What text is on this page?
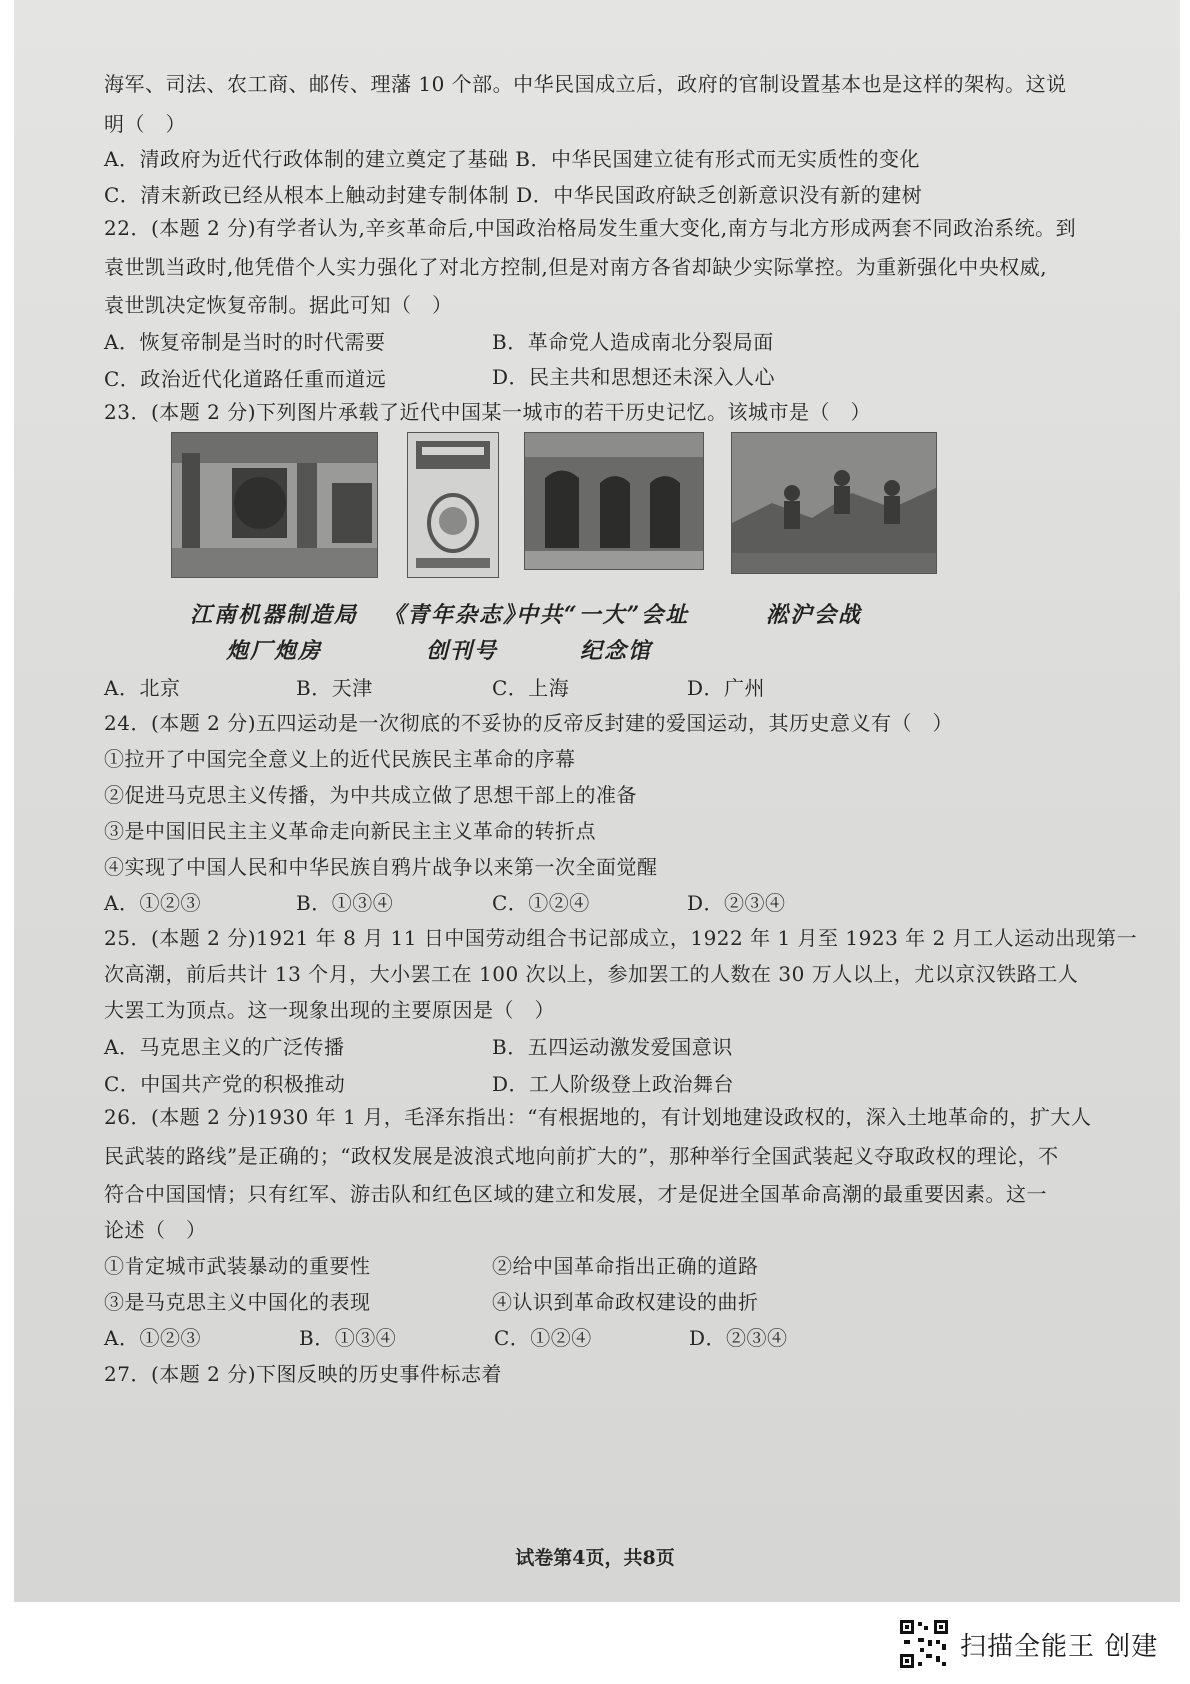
海军、司法、农工商、邮传、理藩 10 个部。中华民国成立后，政府的官制设置基本也是这样的架构。这说
明（　）
A．清政府为近代行政体制的建立奠定了基础 B．中华民国建立徒有形式而无实质性的变化
C．清末新政已经从根本上触动封建专制体制 D．中华民国政府缺乏创新意识没有新的建树
22．(本题 2 分)有学者认为,辛亥革命后,中国政治格局发生重大变化,南方与北方形成两套不同政治系统。到
袁世凯当政时,他凭借个人实力强化了对北方控制,但是对南方各省却缺少实际掌控。为重新强化中央权威,
袁世凯决定恢复帝制。据此可知（　）
A．恢复帝制是当时的时代需要	B．革命党人造成南北分裂局面
C．政治近代化道路任重而道远	D．民主共和思想还未深入人心
23．(本题 2 分)下列图片承载了近代中国某一城市的若干历史记忆。该城市是（　）
江南机器制造局
炮厂炮房
《青年杂志》
创刊号
中共“一大”会址
纪念馆
淞沪会战
A．北京	B．天津	C．上海	D．广州
24．(本题 2 分)五四运动是一次彻底的不妥协的反帝反封建的爱国运动，其历史意义有（　）
①拉开了中国完全意义上的近代民族民主革命的序幕
②促进马克思主义传播，为中共成立做了思想干部上的准备
③是中国旧民主主义革命走向新民主主义革命的转折点
④实现了中国人民和中华民族自鸦片战争以来第一次全面觉醒
A．①②③	B．①③④	C．①②④	D．②③④
25．(本题 2 分)1921 年 8 月 11 日中国劳动组合书记部成立，1922 年 1 月至 1923 年 2 月工人运动出现第一
次高潮，前后共计 13 个月，大小罢工在 100 次以上，参加罢工的人数在 30 万人以上，尤以京汉铁路工人
大罢工为顶点。这一现象出现的主要原因是（　）
A．马克思主义的广泛传播	B．五四运动激发爱国意识
C．中国共产党的积极推动	D．工人阶级登上政治舞台
26．(本题 2 分)1930 年 1 月，毛泽东指出：“有根据地的，有计划地建设政权的，深入土地革命的，扩大人
民武装的路线”是正确的；“政权发展是波浪式地向前扩大的”，那种举行全国武装起义夺取政权的理论，不
符合中国国情；只有红军、游击队和红色区域的建立和发展，才是促进全国革命高潮的最重要因素。这一
论述（　）
①肯定城市武装暴动的重要性	②给中国革命指出正确的道路
③是马克思主义中国化的表现	④认识到革命政权建设的曲折
A．①②③	B．①③④	C．①②④	D．②③④
27．(本题 2 分)下图反映的历史事件标志着
试卷第4页，共8页
扫描全能王 创建
